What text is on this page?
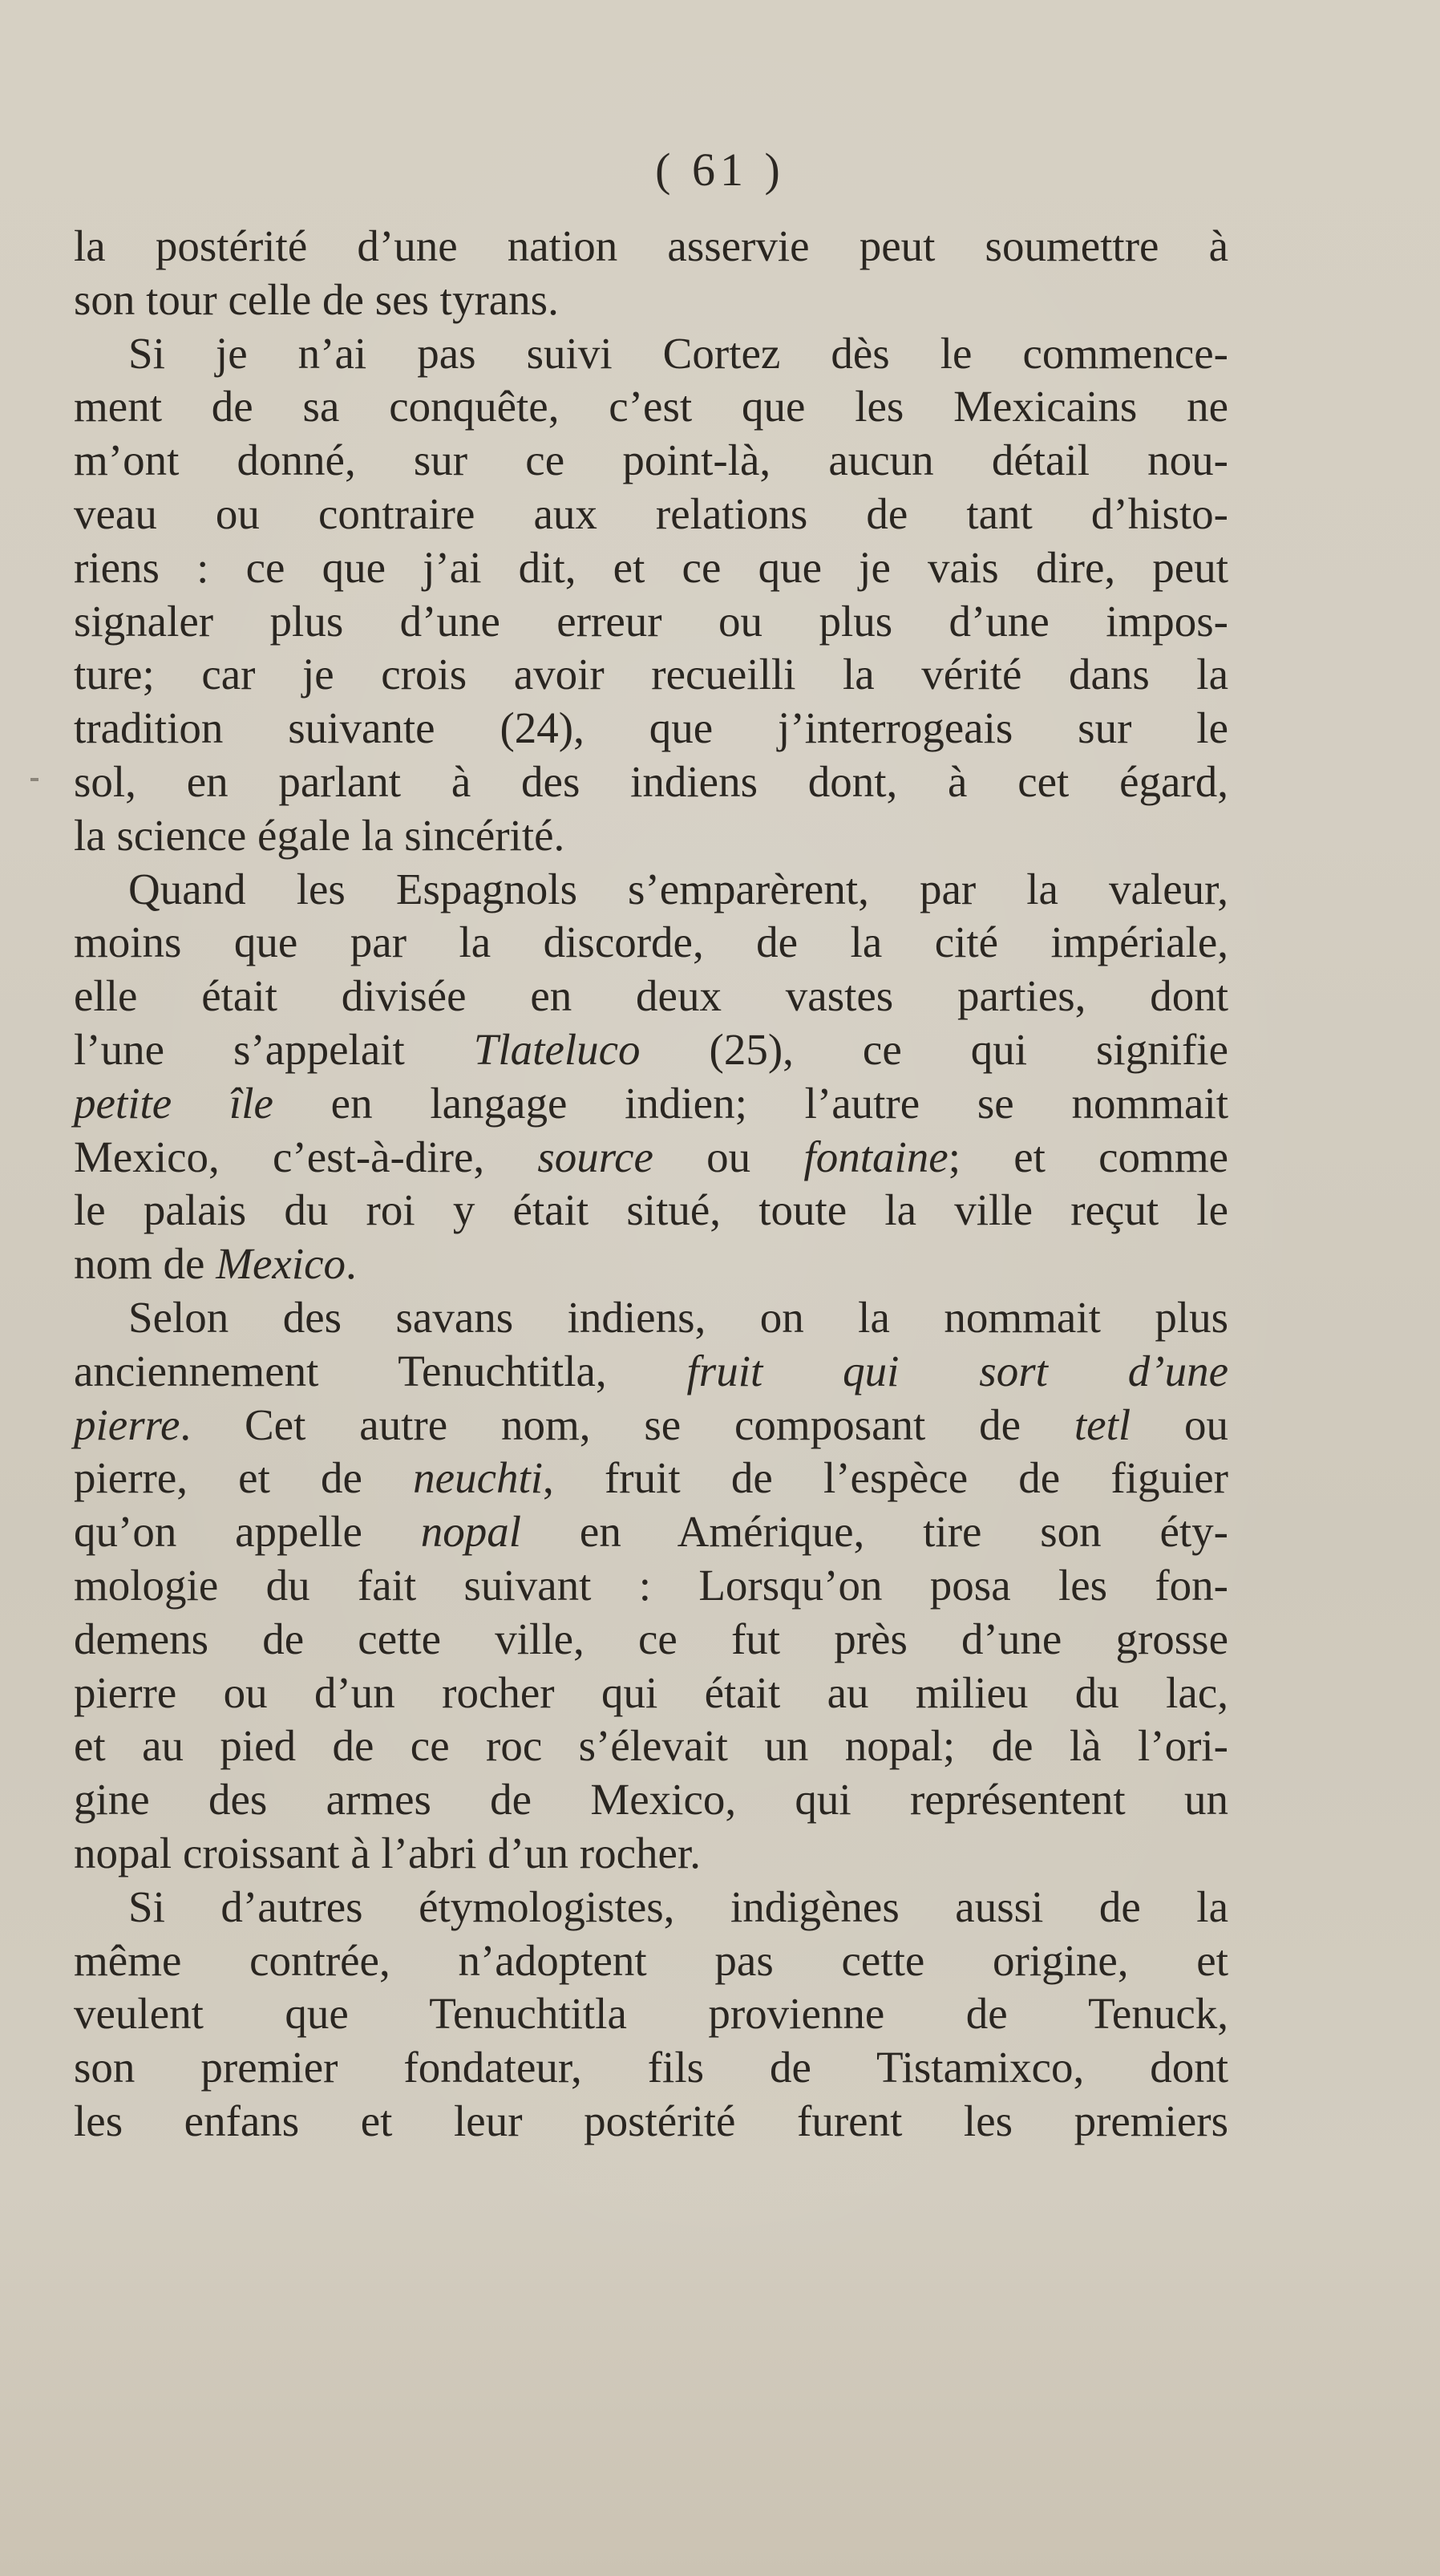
( 61 )
la postérité d’une nation asservie peut soumettre à
son tour celle de ses tyrans.
Si je n’ai pas suivi Cortez dès le commence-
ment de sa conquête, c’est que les Mexicains ne
m’ont donné, sur ce point-là, aucun détail nou-
veau ou contraire aux relations de tant d’histo-
riens : ce que j’ai dit, et ce que je vais dire, peut
signaler plus d’une erreur ou plus d’une impos-
ture; car je crois avoir recueilli la vérité dans la
tradition suivante (24), que j’interrogeais sur le
sol, en parlant à des indiens dont, à cet égard,
la science égale la sincérité.
Quand les Espagnols s’emparèrent, par la valeur,
moins que par la discorde, de la cité impériale,
elle était divisée en deux vastes parties, dont
l’une s’appelait Tlateluco (25), ce qui signifie
petite île en langage indien; l’autre se nommait
Mexico, c’est-à-dire, source ou fontaine; et comme
le palais du roi y était situé, toute la ville reçut le
nom de Mexico.
Selon des savans indiens, on la nommait plus
anciennement Tenuchtitla, fruit qui sort d’une
pierre. Cet autre nom, se composant de tetl ou
pierre, et de neuchti, fruit de l’espèce de figuier
qu’on appelle nopal en Amérique, tire son éty-
mologie du fait suivant : Lorsqu’on posa les fon-
demens de cette ville, ce fut près d’une grosse
pierre ou d’un rocher qui était au milieu du lac,
et au pied de ce roc s’élevait un nopal; de là l’ori-
gine des armes de Mexico, qui représentent un
nopal croissant à l’abri d’un rocher.
Si d’autres étymologistes, indigènes aussi de la
même contrée, n’adoptent pas cette origine, et
veulent que Tenuchtitla provienne de Tenuck,
son premier fondateur, fils de Tistamixco, dont
les enfans et leur postérité furent les premiers
